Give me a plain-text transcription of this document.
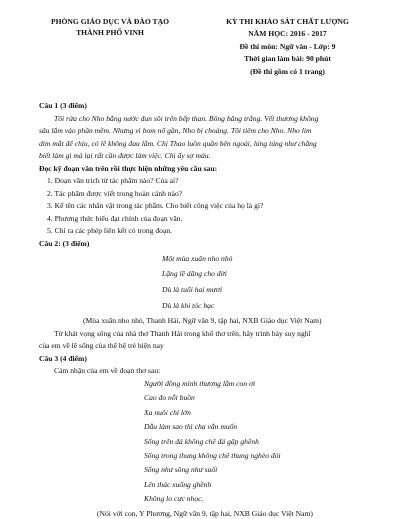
PHÒNG GIÁO DỤC VÀ ĐÀO TẠO
THÀNH PHỐ VINH
KỲ THI KHẢO SÁT CHẤT LƯỢNG
NĂM HỌC: 2016 - 2017
Đề thi môn: Ngữ văn - Lớp: 9
Thời gian làm bài: 90 phút
(Đề thi gồm có 1 trang)
Câu 1 (3 điểm)
Tôi rửa cho Nho bằng nước đun sôi trên bếp than. Bông băng trắng. Vết thương không
sâu lắm vào phần mềm. Nhưng vì bom nổ gần, Nho bị choáng. Tôi tiêm cho Nho. Nho lim
dim mắt để chịu, có lẽ không đau lắm. Chị Thao luồn quần bên ngoài, lúng túng như chẳng
biết làm gì mà lại rất cần được làm việc. Chị ấy sợ máu.
Đọc kỹ đoạn văn trên rồi thực hiện những yêu cầu sau:
1. Đoạn văn trích từ tác phẩm nào? Của ai?
2. Tác phẩm được viết trong hoàn cảnh nào?
3. Kể tên các nhân vật trong tác phẩm. Cho biết công việc của họ là gì?
4. Phương thức biểu đạt chính của đoạn văn.
5. Chỉ ra các phép liên kết có trong đoạn.
Câu 2: (3 điểm)
Một mùa xuân nho nhỏ
Lặng lẽ dâng cho đời
Dù là tuổi hai mươi
Dù là khi tóc bạc
(Mùa xuân nho nhỏ, Thanh Hải, Ngữ văn 9, tập hai, NXB Giáo dục Việt Nam)
Từ khát vọng sống của nhà thơ Thanh Hải trong khổ thơ trên, hãy trình bày suy nghĩ
của em về lẽ sống của thế hệ trẻ hiện nay
Câu 3 (4 điểm)
Cảm nhận của em về đoạn thơ sau:
Người đồng mình thương lắm con ơi
Cao đo nỗi buồn
Xa nuôi chí lớn
Dẫu làm sao thì cha vẫn muốn
Sống trên đá không chê đá gập ghềnh
Sống trong thung không chê thung nghèo đói
Sống như sông như suối
Lên thác xuống ghềnh
Không lo cực nhọc.
(Nói với con, Y Phương, Ngữ văn 9, tập hai, NXB Giáo dục Việt Nam)
